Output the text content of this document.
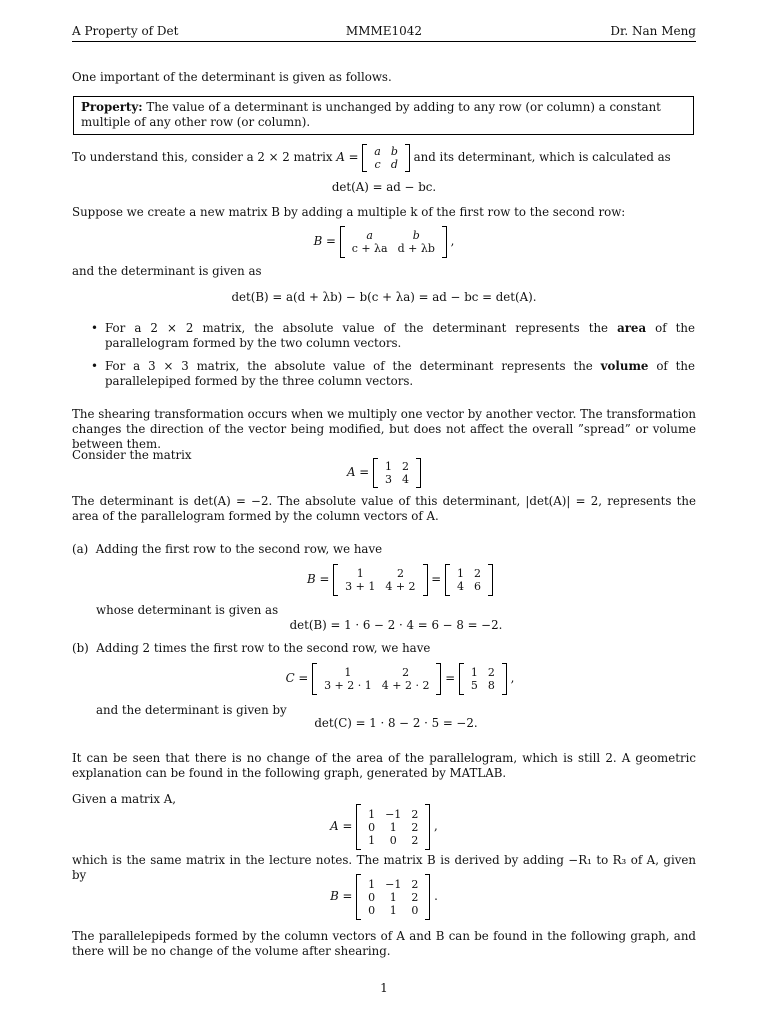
A Property of Det	MMME1042	Dr. Nan Meng
One important of the determinant is given as follows.
Property: The value of a determinant is unchanged by adding to any row (or column) a constant multiple of any other row (or column).
To understand this, consider a 2 × 2 matrix A = a	b
c	d and its determinant, which is calculated as
det(A) = ad − bc.
Suppose we create a new matrix B by adding a multiple k of the first row to the second row:
B = a	b
c + λa	d + λb ,
and the determinant is given as
det(B) = a(d + λb) − b(c + λa) = ad − bc = det(A).
• For a 2 × 2 matrix, the absolute value of the determinant represents the area of the parallelogram formed by the two column vectors.
• For a 3 × 3 matrix, the absolute value of the determinant represents the volume of the parallelepiped formed by the three column vectors.
The shearing transformation occurs when we multiply one vector by another vector. The transformation changes the direction of the vector being modified, but does not affect the overall ”spread” or volume between them.
Consider the matrix
A = 1	2
3	4
The determinant is det(A) = −2. The absolute value of this determinant, |det(A)| = 2, represents the area of the parallelogram formed by the column vectors of A.
(a) Adding the first row to the second row, we have
B = 1	2
3 + 1	4 + 2 = 1	2
4	6
whose determinant is given as
det(B) = 1 · 6 − 2 · 4 = 6 − 8 = −2.
(b) Adding 2 times the first row to the second row, we have
C =	1	2
3 + 2 · 1	4 + 2 · 2 = 1	2
5	8 ,
and the determinant is given by
det(C) = 1 · 8 − 2 · 5 = −2.
It can be seen that there is no change of the area of the parallelogram, which is still 2. A geometric explanation can be found in the following graph, generated by MATLAB.
Given a matrix A,
A = 1	−1	2
0	1	2
1	0	2 ,
which is the same matrix in the lecture notes. The matrix B is derived by adding −R₁ to R₃ of A, given by
B = 1	−1	2
0	1	2
0	1	0 .
The parallelepipeds formed by the column vectors of A and B can be found in the following graph, and there will be no change of the volume after shearing.
1
